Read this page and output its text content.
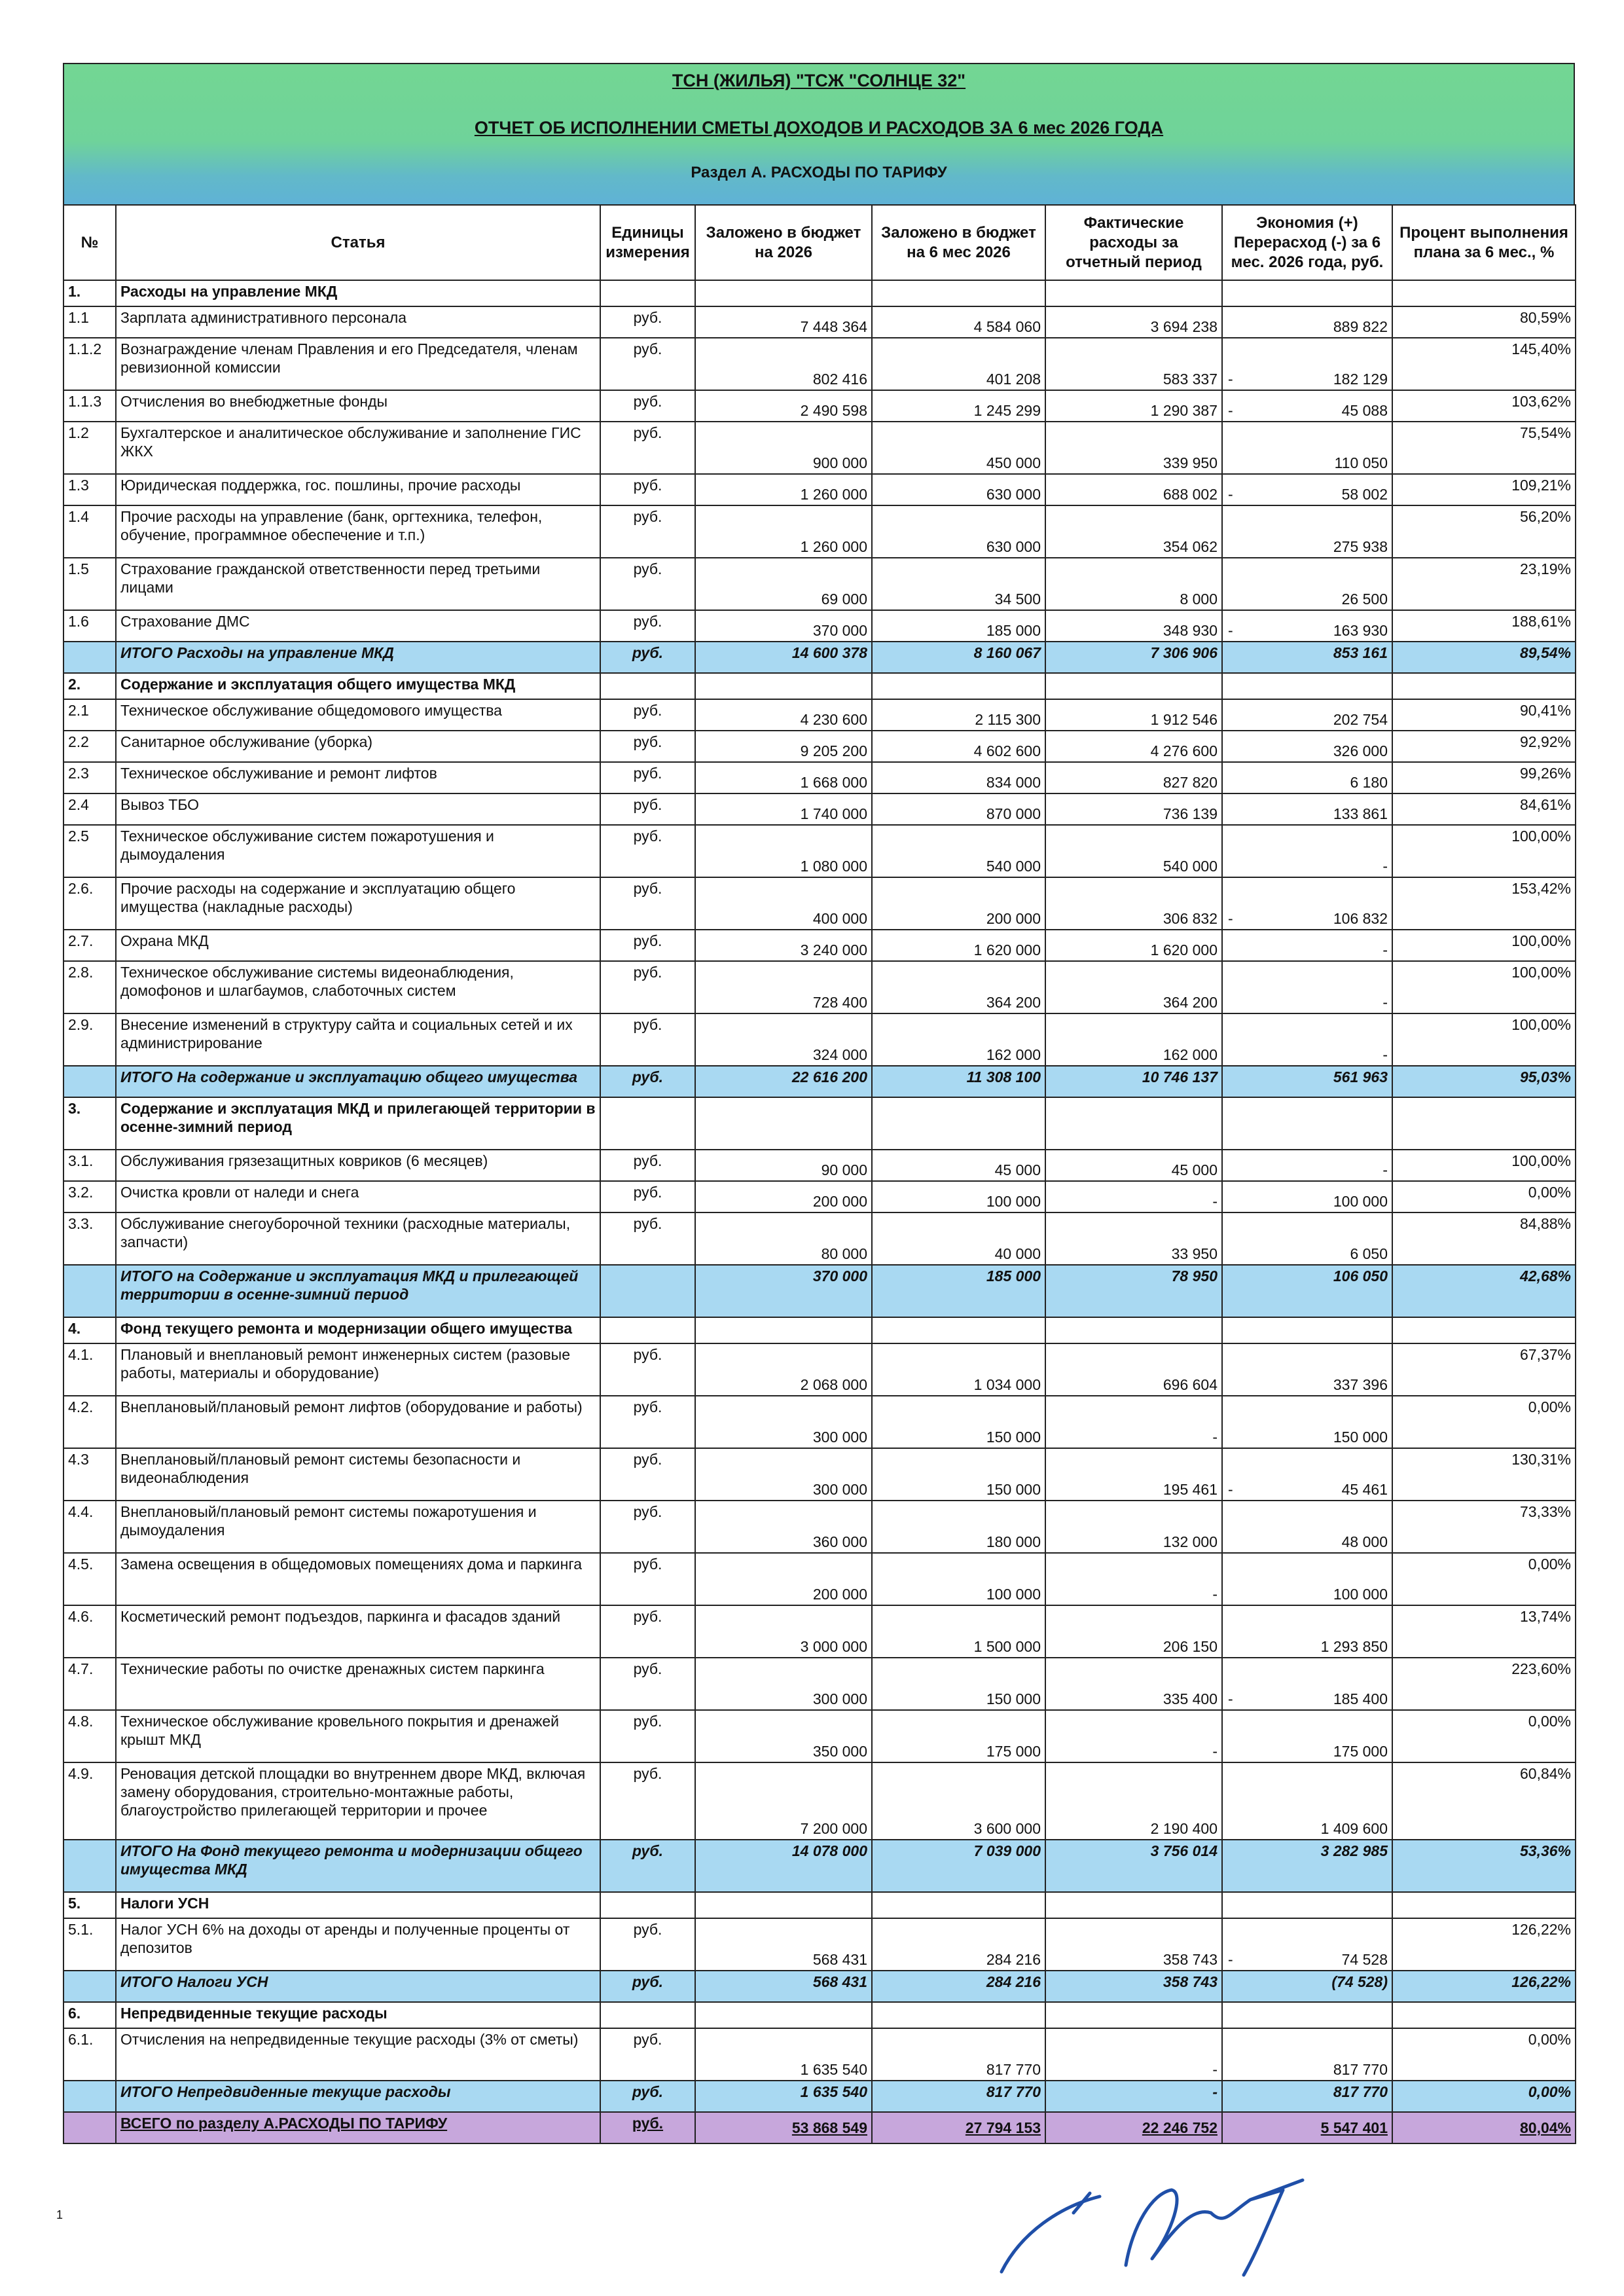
ТСН (ЖИЛЬЯ) "ТСЖ "СОЛНЦЕ 32"
ОТЧЕТ ОБ ИСПОЛНЕНИИ СМЕТЫ ДОХОДОВ И РАСХОДОВ ЗА 6 мес 2026 ГОДА
Раздел А. РАСХОДЫ ПО ТАРИФУ
№	Статья	Единицы измерения	Заложено в бюджет на 2026	Заложено в бюджет на 6 мес 2026	Фактические расходы за отчетный период	Экономия (+) Перерасход (-) за 6 мес. 2026 года, руб.	Процент выполнения плана за 6 мес., %
1.	Расходы на управление МКД						
1.1	Зарплата административного персонала	руб.	7 448 364	4 584 060	3 694 238	889 822	80,59%
1.1.2	Вознаграждение членам Правления и его Председателя, членам ревизионной комиссии	руб.	802 416	401 208	583 337	- 182 129	145,40%
1.1.3	Отчисления во внебюджетные фонды	руб.	2 490 598	1 245 299	1 290 387	- 45 088	103,62%
1.2	Бухгалтерское и аналитическое обслуживание и заполнение ГИС ЖКХ	руб.	900 000	450 000	339 950	110 050	75,54%
1.3	Юридическая поддержка, гос. пошлины, прочие расходы	руб.	1 260 000	630 000	688 002	- 58 002	109,21%
1.4	Прочие расходы на управление (банк, оргтехника, телефон, обучение, программное обеспечение и т.п.)	руб.	1 260 000	630 000	354 062	275 938	56,20%
1.5	Страхование гражданской ответственности перед третьими лицами	руб.	69 000	34 500	8 000	26 500	23,19%
1.6	Страхование ДМС	руб.	370 000	185 000	348 930	- 163 930	188,61%
	ИТОГО Расходы на управление МКД	руб.	14 600 378	8 160 067	7 306 906	853 161	89,54%
2.	Содержание и эксплуатация общего имущества МКД						
2.1	Техническое обслуживание общедомового имущества	руб.	4 230 600	2 115 300	1 912 546	202 754	90,41%
2.2	Санитарное обслуживание (уборка)	руб.	9 205 200	4 602 600	4 276 600	326 000	92,92%
2.3	Техническое обслуживание и ремонт лифтов	руб.	1 668 000	834 000	827 820	6 180	99,26%
2.4	Вывоз ТБО	руб.	1 740 000	870 000	736 139	133 861	84,61%
2.5	Техническое обслуживание систем пожаротушения и дымоудаления	руб.	1 080 000	540 000	540 000	-	100,00%
2.6.	Прочие расходы на содержание и эксплуатацию общего имущества (накладные расходы)	руб.	400 000	200 000	306 832	- 106 832	153,42%
2.7.	Охрана МКД	руб.	3 240 000	1 620 000	1 620 000	-	100,00%
2.8.	Техническое обслуживание системы видеонаблюдения, домофонов и шлагбаумов, слаботочных систем	руб.	728 400	364 200	364 200	-	100,00%
2.9.	Внесение изменений в структуру сайта и социальных сетей и их администрирование	руб.	324 000	162 000	162 000	-	100,00%
	ИТОГО На содержание и эксплуатацию общего имущества	руб.	22 616 200	11 308 100	10 746 137	561 963	95,03%
3.	Содержание и эксплуатация МКД и прилегающей территории в осенне-зимний период						
3.1.	Обслуживания грязезащитных ковриков (6 месяцев)	руб.	90 000	45 000	45 000	-	100,00%
3.2.	Очистка кровли от наледи и снега	руб.	200 000	100 000	-	100 000	0,00%
3.3.	Обслуживание снегоуборочной техники (расходные материалы, запчасти)	руб.	80 000	40 000	33 950	6 050	84,88%
	ИТОГО на Содержание и эксплуатация МКД и прилегающей территории в осенне-зимний период		370 000	185 000	78 950	106 050	42,68%
4.	Фонд текущего ремонта и модернизации общего имущества						
4.1.	Плановый и внеплановый ремонт инженерных систем (разовые работы, материалы и оборудование)	руб.	2 068 000	1 034 000	696 604	337 396	67,37%
4.2.	Внеплановый/плановый ремонт лифтов (оборудование и работы)	руб.	300 000	150 000	-	150 000	0,00%
4.3	Внеплановый/плановый ремонт системы безопасности и видеонаблюдения	руб.	300 000	150 000	195 461	- 45 461	130,31%
4.4.	Внеплановый/плановый ремонт системы пожаротушения и дымоудаления	руб.	360 000	180 000	132 000	48 000	73,33%
4.5.	Замена освещения в общедомовых помещениях дома и паркинга	руб.	200 000	100 000	-	100 000	0,00%
4.6.	Косметический ремонт подъездов, паркинга и фасадов зданий	руб.	3 000 000	1 500 000	206 150	1 293 850	13,74%
4.7.	Технические работы по очистке дренажных систем паркинга	руб.	300 000	150 000	335 400	- 185 400	223,60%
4.8.	Техническое обслуживание кровельного покрытия и дренажей крышт МКД	руб.	350 000	175 000	-	175 000	0,00%
4.9.	Реновация детской площадки во внутреннем дворе МКД, включая замену оборудования, строительно-монтажные работы, благоустройство прилегающей территории и прочее	руб.	7 200 000	3 600 000	2 190 400	1 409 600	60,84%
	ИТОГО На Фонд текущего ремонта и модернизации общего имущества МКД	руб.	14 078 000	7 039 000	3 756 014	3 282 985	53,36%
5.	Налоги УСН						
5.1.	Налог УСН 6% на доходы от аренды и полученные проценты от депозитов	руб.	568 431	284 216	358 743	- 74 528	126,22%
	ИТОГО Налоги УСН	руб.	568 431	284 216	358 743	(74 528)	126,22%
6.	Непредвиденные текущие расходы						
6.1.	Отчисления на непредвиденные текущие расходы (3% от сметы)	руб.	1 635 540	817 770	-	817 770	0,00%
	ИТОГО Непредвиденные текущие расходы	руб.	1 635 540	817 770	-	817 770	0,00%
	ВСЕГО по разделу А.РАСХОДЫ ПО ТАРИФУ	руб.	53 868 549	27 794 153	22 246 752	5 547 401	80,04%
1
